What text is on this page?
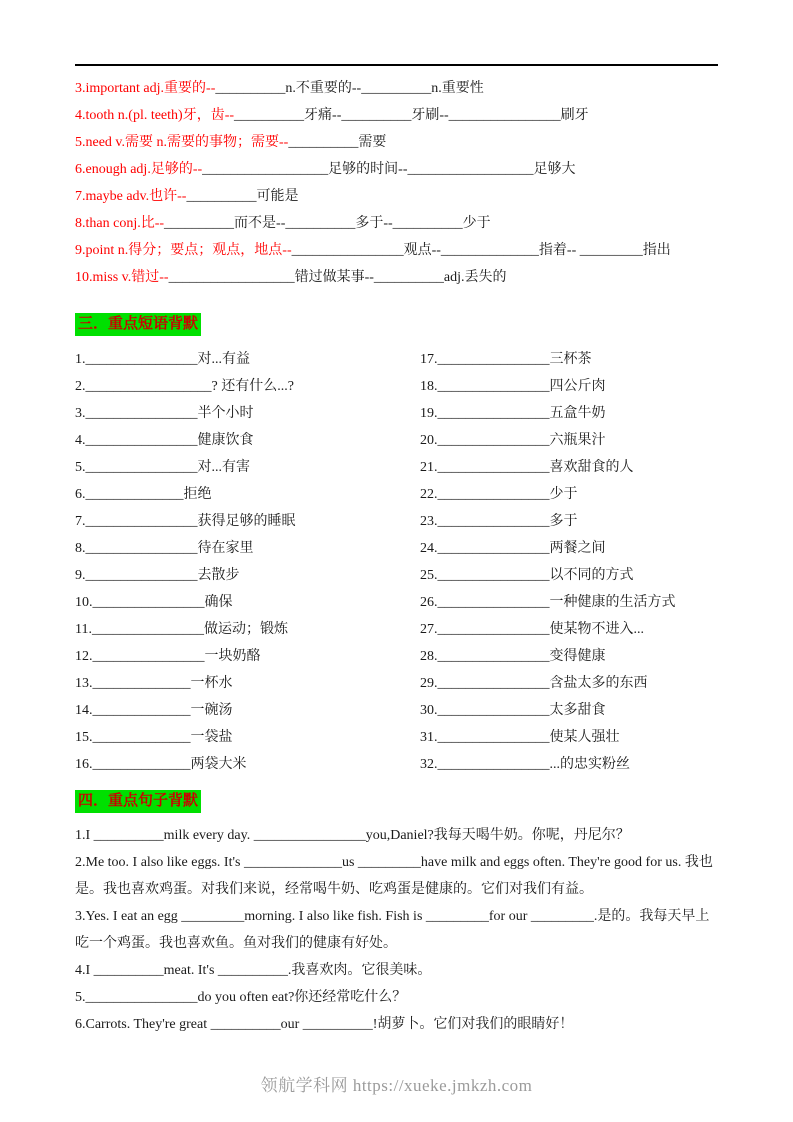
3.important adj.重要的--__________n.不重要的--__________n.重要性
4.tooth n.(pl. teeth)牙，齿--__________牙痛--__________牙刷--________________刷牙
5.need v.需要 n.需要的事物；需要--__________需要
6.enough adj.足够的--__________________足够的时间--__________________足够大
7.maybe adv.也许--__________可能是
8.than conj.比--__________而不是--__________多于--__________少于
9.point n.得分；要点；观点，地点--________________观点--______________指着-- _________指出
10.miss v.错过--__________________错过做某事--__________adj.丢失的
三．重点短语背默
1.________________对...有益
2.__________________? 还有什么...?
3.________________半个小时
4.________________健康饮食
5.________________对...有害
6.______________拒绝
7.________________获得足够的睡眠
8.________________待在家里
9.________________去散步
10.________________确保
11.________________做运动；锻炼
12.________________一块奶酪
13.______________一杯水
14.______________一碗汤
15.______________一袋盐
16.______________两袋大米
17.________________三杯茶
18.________________四公斤肉
19.________________五盒牛奶
20.________________六瓶果汁
21.________________喜欢甜食的人
22.________________少于
23.________________多于
24.________________两餐之间
25.________________以不同的方式
26.________________一种健康的生活方式
27.________________使某物不进入...
28.________________变得健康
29.________________含盐太多的东西
30.________________太多甜食
31.________________使某人强壮
32.________________...的忠实粉丝
四．重点句子背默
1.I __________milk every day. ________________you,Daniel?我每天喝牛奶。你呢，丹尼尔？
2.Me too. I also like eggs. It's ______________us _________have milk and eggs often. They're good for us. 我也是。我也喜欢鸡蛋。对我们来说，经常喝牛奶、吃鸡蛋是健康的。它们对我们有益。
3.Yes. I eat an egg _________morning. I also like fish. Fish is _________for our _________.是的。我每天早上吃一个鸡蛋。我也喜欢鱼。鱼对我们的健康有好处。
4.I __________meat. It's __________.我喜欢肉。它很美味。
5.________________do you often eat?你还经常吃什么？
6.Carrots. They're great __________our __________!胡萝卜。它们对我们的眼睛好！
领航学科网 https://xueke.jmkzh.com
